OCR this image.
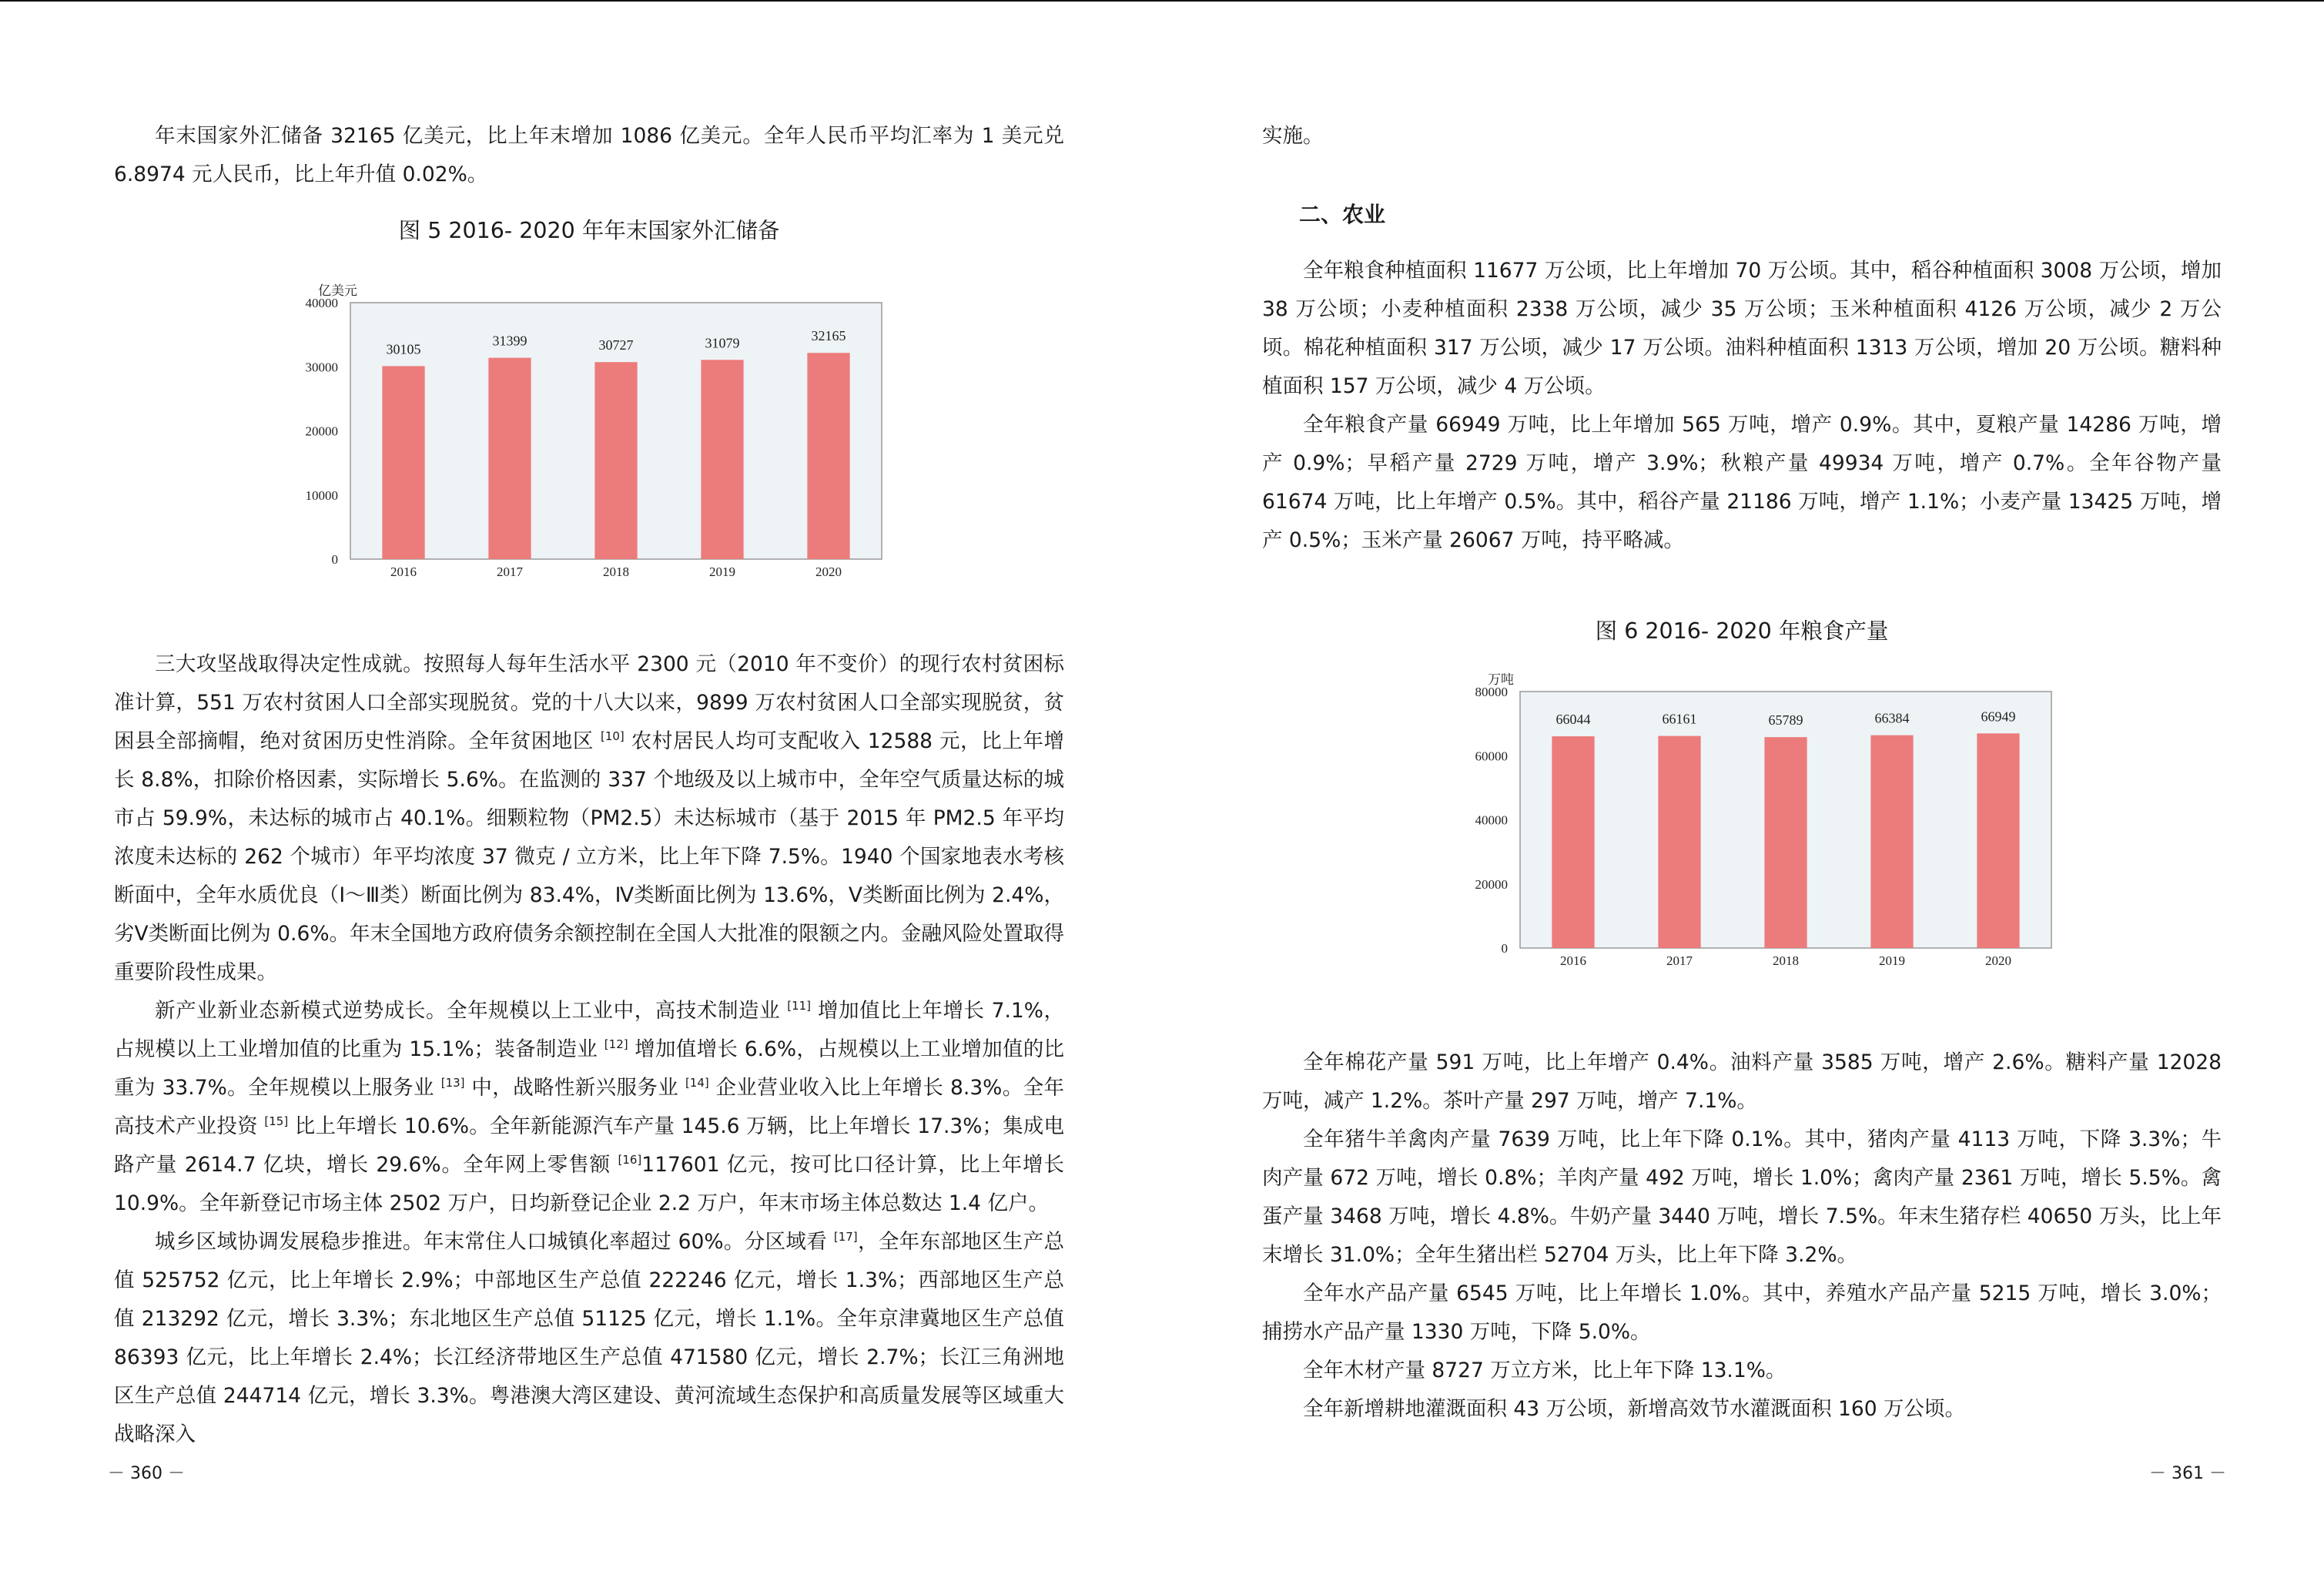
年末国家外汇储备 32165 亿美元，比上年末增加 1086 亿美元。全年人民币平均汇率为 1 美元兑 6.8974 元人民币，比上年升值 0.02%。

图 5 2016- 2020 年年末国家外汇储备
亿美元
0
10000
20000
30000
40000
30105
2016
31399
2017
30727
2018
31079
2019
32165
2020

三大攻坚战取得决定性成就。按照每人每年生活水平 2300 元（2010 年不变价）的现行农村贫困标准计算，551 万农村贫困人口全部实现脱贫。党的十八大以来，9899 万农村贫困人口全部实现脱贫，贫困县全部摘帽，绝对贫困历史性消除。全年贫困地区 [10] 农村居民人均可支配收入 12588 元，比上年增长 8.8%，扣除价格因素，实际增长 5.6%。在监测的 337 个地级及以上城市中，全年空气质量达标的城市占 59.9%，未达标的城市占 40.1%。细颗粒物（PM2.5）未达标城市（基于 2015 年 PM2.5 年平均浓度未达标的 262 个城市）年平均浓度 37 微克 / 立方米，比上年下降 7.5%。1940 个国家地表水考核断面中，全年水质优良（Ⅰ～Ⅲ类）断面比例为 83.4%，Ⅳ类断面比例为 13.6%，Ⅴ类断面比例为 2.4%，劣Ⅴ类断面比例为 0.6%。年末全国地方政府债务余额控制在全国人大批准的限额之内。金融风险处置取得重要阶段性成果。

新产业新业态新模式逆势成长。全年规模以上工业中，高技术制造业 [11] 增加值比上年增长 7.1%，占规模以上工业增加值的比重为 15.1%；装备制造业 [12] 增加值增长 6.6%，占规模以上工业增加值的比重为 33.7%。全年规模以上服务业 [13] 中，战略性新兴服务业 [14] 企业营业收入比上年增长 8.3%。全年高技术产业投资 [15] 比上年增长 10.6%。全年新能源汽车产量 145.6 万辆，比上年增长 17.3%；集成电路产量 2614.7 亿块，增长 29.6%。全年网上零售额 [16]117601 亿元，按可比口径计算，比上年增长 10.9%。全年新登记市场主体 2502 万户，日均新登记企业 2.2 万户，年末市场主体总数达 1.4 亿户。

城乡区域协调发展稳步推进。年末常住人口城镇化率超过 60%。分区域看 [17]，全年东部地区生产总值 525752 亿元，比上年增长 2.9%；中部地区生产总值 222246 亿元，增长 1.3%；西部地区生产总值 213292 亿元，增长 3.3%；东北地区生产总值 51125 亿元，增长 1.1%。全年京津冀地区生产总值 86393 亿元，比上年增长 2.4%；长江经济带地区生产总值 471580 亿元，增长 2.7%；长江三角洲地区生产总值 244714 亿元，增长 3.3%。粤港澳大湾区建设、黄河流域生态保护和高质量发展等区域重大战略深入

－ 360 －

实施。

二、农业

全年粮食种植面积 11677 万公顷，比上年增加 70 万公顷。其中，稻谷种植面积 3008 万公顷，增加 38 万公顷；小麦种植面积 2338 万公顷，减少 35 万公顷；玉米种植面积 4126 万公顷，减少 2 万公顷。棉花种植面积 317 万公顷，减少 17 万公顷。油料种植面积 1313 万公顷，增加 20 万公顷。糖料种植面积 157 万公顷，减少 4 万公顷。

全年粮食产量 66949 万吨，比上年增加 565 万吨，增产 0.9%。其中，夏粮产量 14286 万吨，增产 0.9%；早稻产量 2729 万吨，增产 3.9%；秋粮产量 49934 万吨，增产 0.7%。全年谷物产量 61674 万吨，比上年增产 0.5%。其中，稻谷产量 21186 万吨，增产 1.1%；小麦产量 13425 万吨，增产 0.5%；玉米产量 26067 万吨，持平略减。

图 6 2016- 2020 年粮食产量
万吨
0
20000
40000
60000
80000
66044
2016
66161
2017
65789
2018
66384
2019
66949
2020

全年棉花产量 591 万吨，比上年增产 0.4%。油料产量 3585 万吨，增产 2.6%。糖料产量 12028 万吨，减产 1.2%。茶叶产量 297 万吨，增产 7.1%。

全年猪牛羊禽肉产量 7639 万吨，比上年下降 0.1%。其中，猪肉产量 4113 万吨，下降 3.3%；牛肉产量 672 万吨，增长 0.8%；羊肉产量 492 万吨，增长 1.0%；禽肉产量 2361 万吨，增长 5.5%。禽蛋产量 3468 万吨，增长 4.8%。牛奶产量 3440 万吨，增长 7.5%。年末生猪存栏 40650 万头，比上年末增长 31.0%；全年生猪出栏 52704 万头，比上年下降 3.2%。

全年水产品产量 6545 万吨，比上年增长 1.0%。其中，养殖水产品产量 5215 万吨，增长 3.0%；捕捞水产品产量 1330 万吨，下降 5.0%。

全年木材产量 8727 万立方米，比上年下降 13.1%。

全年新增耕地灌溉面积 43 万公顷，新增高效节水灌溉面积 160 万公顷。

－ 361 －
